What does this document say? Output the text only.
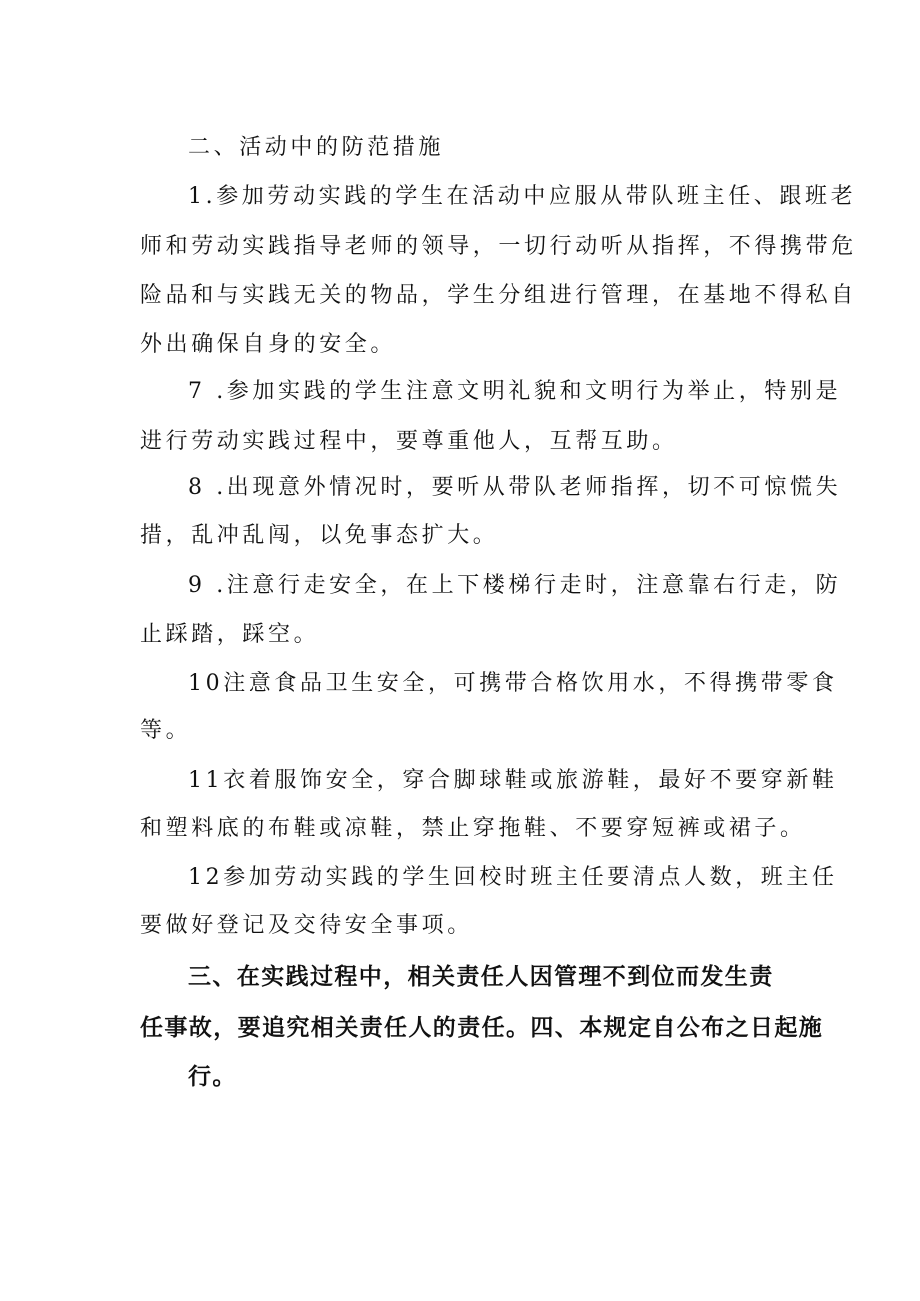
二、活动中的防范措施
1.参加劳动实践的学生在活动中应服从带队班主任、跟班老
师和劳动实践指导老师的领导，一切行动听从指挥，不得携带危
险品和与实践无关的物品，学生分组进行管理，在基地不得私自
外出确保自身的安全。
7 .参加实践的学生注意文明礼貌和文明行为举止，特别是
进行劳动实践过程中，要尊重他人，互帮互助。
8 .出现意外情况时，要听从带队老师指挥，切不可惊慌失
措，乱冲乱闯，以免事态扩大。
9 .注意行走安全，在上下楼梯行走时，注意靠右行走，防
止踩踏，踩空。
10注意食品卫生安全，可携带合格饮用水，不得携带零食
等。
11衣着服饰安全，穿合脚球鞋或旅游鞋，最好不要穿新鞋
和塑料底的布鞋或凉鞋，禁止穿拖鞋、不要穿短裤或裙子。
12参加劳动实践的学生回校时班主任要清点人数，班主任
要做好登记及交待安全事项。
三、在实践过程中，相关责任人因管理不到位而发生责
任事故，要追究相关责任人的责任。四、本规定自公布之日起施
行。
